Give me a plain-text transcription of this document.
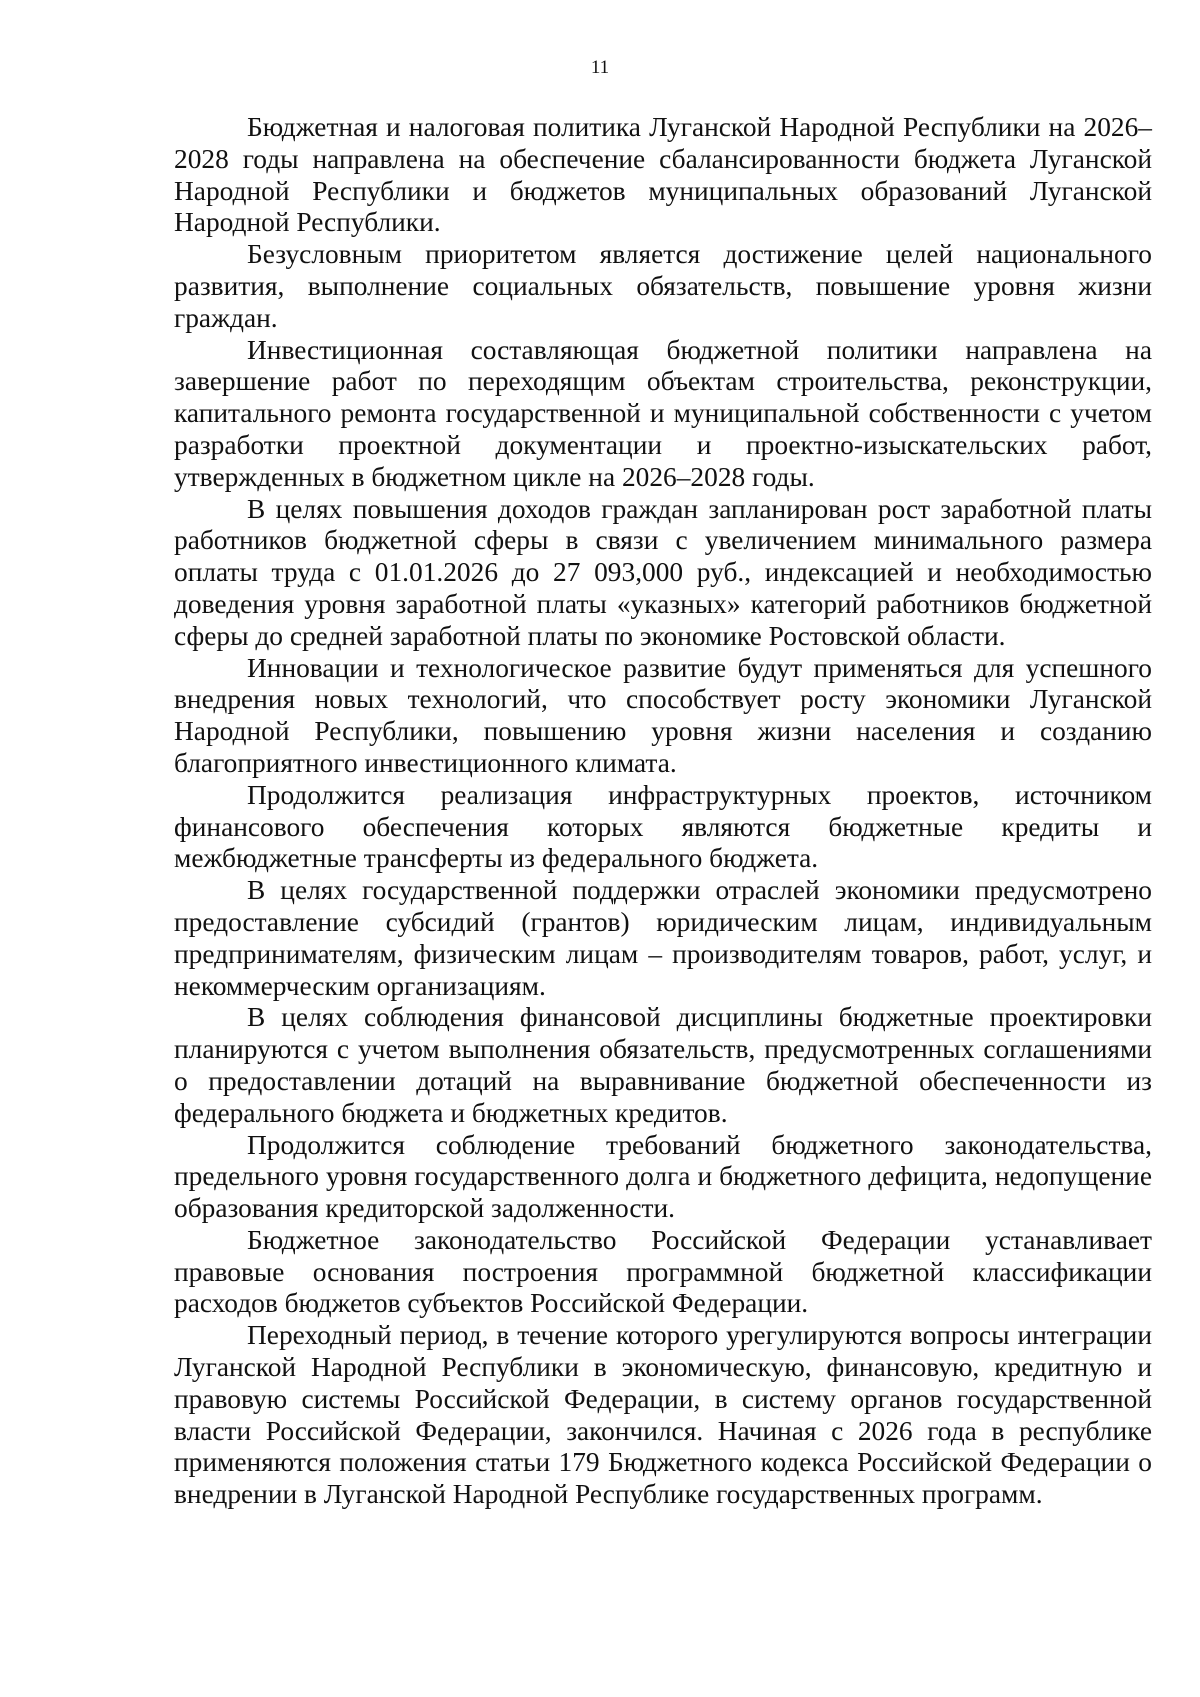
11

Бюджетная и налоговая политика Луганской Народной Республики на 2026–2028 годы направлена на обеспечение сбалансированности бюджета Луганской Народной Республики и бюджетов муниципальных образований Луганской Народной Республики.

Безусловным приоритетом является достижение целей национального развития, выполнение социальных обязательств, повышение уровня жизни граждан.

Инвестиционная составляющая бюджетной политики направлена на завершение работ по переходящим объектам строительства, реконструкции, капитального ремонта государственной и муниципальной собственности с учетом разработки проектной документации и проектно-изыскательских работ, утвержденных в бюджетном цикле на 2026–2028 годы.

В целях повышения доходов граждан запланирован рост заработной платы работников бюджетной сферы в связи с увеличением минимального размера оплаты труда с 01.01.2026 до 27 093,000 руб., индексацией и необходимостью доведения уровня заработной платы «указных» категорий работников бюджетной сферы до средней заработной платы по экономике Ростовской области.

Инновации и технологическое развитие будут применяться для успешного внедрения новых технологий, что способствует росту экономики Луганской Народной Республики, повышению уровня жизни населения и созданию благоприятного инвестиционного климата.

Продолжится реализация инфраструктурных проектов, источником финансового обеспечения которых являются бюджетные кредиты и межбюджетные трансферты из федерального бюджета.

В целях государственной поддержки отраслей экономики предусмотрено предоставление субсидий (грантов) юридическим лицам, индивидуальным предпринимателям, физическим лицам – производителям товаров, работ, услуг, и некоммерческим организациям.

В целях соблюдения финансовой дисциплины бюджетные проектировки планируются с учетом выполнения обязательств, предусмотренных соглашениями о предоставлении дотаций на выравнивание бюджетной обеспеченности из федерального бюджета и бюджетных кредитов.

Продолжится соблюдение требований бюджетного законодательства, предельного уровня государственного долга и бюджетного дефицита, недопущение образования кредиторской задолженности.

Бюджетное законодательство Российской Федерации устанавливает правовые основания построения программной бюджетной классификации расходов бюджетов субъектов Российской Федерации.

Переходный период, в течение которого урегулируются вопросы интеграции Луганской Народной Республики в экономическую, финансовую, кредитную и правовую системы Российской Федерации, в систему органов государственной власти Российской Федерации, закончился. Начиная с 2026 года в республике применяются положения статьи 179 Бюджетного кодекса Российской Федерации о внедрении в Луганской Народной Республике государственных программ.
